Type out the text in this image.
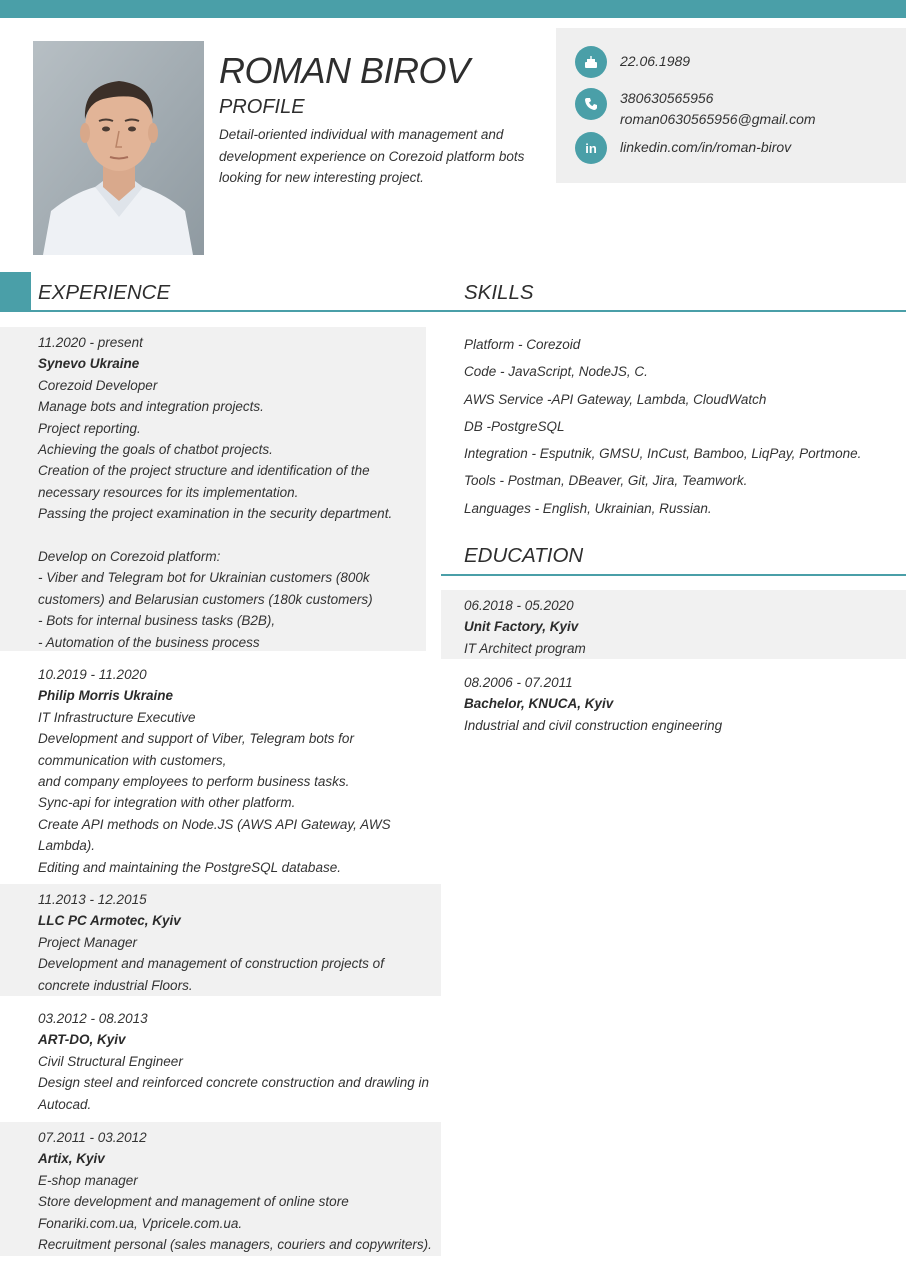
ROMAN BIROV
PROFILE
Detail-oriented individual with management and development experience on Corezoid platform bots looking for new interesting project.
22.06.1989
380630565956
roman0630565956@gmail.com
in	linkedin.com/in/roman-birov
EXPERIENCE	SKILLS
11.2020 - present
Synevo Ukraine
Corezoid Developer
Manage bots and integration projects.
Project reporting.
Achieving the goals of chatbot projects.
Creation of the project structure and identification of the
necessary resources for its implementation.
Passing the project examination in the security department.

Develop on Corezoid platform:
- Viber and Telegram bot for Ukrainian customers (800k
customers) and Belarusian customers (180k customers)
- Bots for internal business tasks (B2B),
- Automation of the business process
10.2019 - 11.2020
Philip Morris Ukraine
IT Infrastructure Executive
Development and support of Viber, Telegram bots for
communication with customers,
and company employees to perform business tasks.
Sync-api for integration with other platform.
Create API methods on Node.JS (AWS API Gateway, AWS
Lambda).
Editing and maintaining the PostgreSQL database.
11.2013 - 12.2015
LLC PC Armotec, Kyiv
Project Manager
Development and management of construction projects of
concrete industrial Floors.
03.2012 - 08.2013
ART-DO, Kyiv
Civil Structural Engineer
Design steel and reinforced concrete construction and drawling in
Autocad.
07.2011 - 03.2012
Artix, Kyiv
E-shop manager
Store development and management of online store
Fonariki.com.ua, Vpricele.com.ua.
Recruitment personal (sales managers, couriers and copywriters).
Platform - Corezoid
Code - JavaScript, NodeJS, C.
AWS Service -API Gateway, Lambda, CloudWatch
DB -PostgreSQL
Integration - Esputnik, GMSU, InCust, Bamboo, LiqPay, Portmone.
Tools - Postman, DBeaver, Git, Jira, Teamwork.
Languages - English, Ukrainian, Russian.
EDUCATION
06.2018 - 05.2020
Unit Factory, Kyiv
IT Architect program
08.2006 - 07.2011
Bachelor, KNUCA, Kyiv
Industrial and civil construction engineering
